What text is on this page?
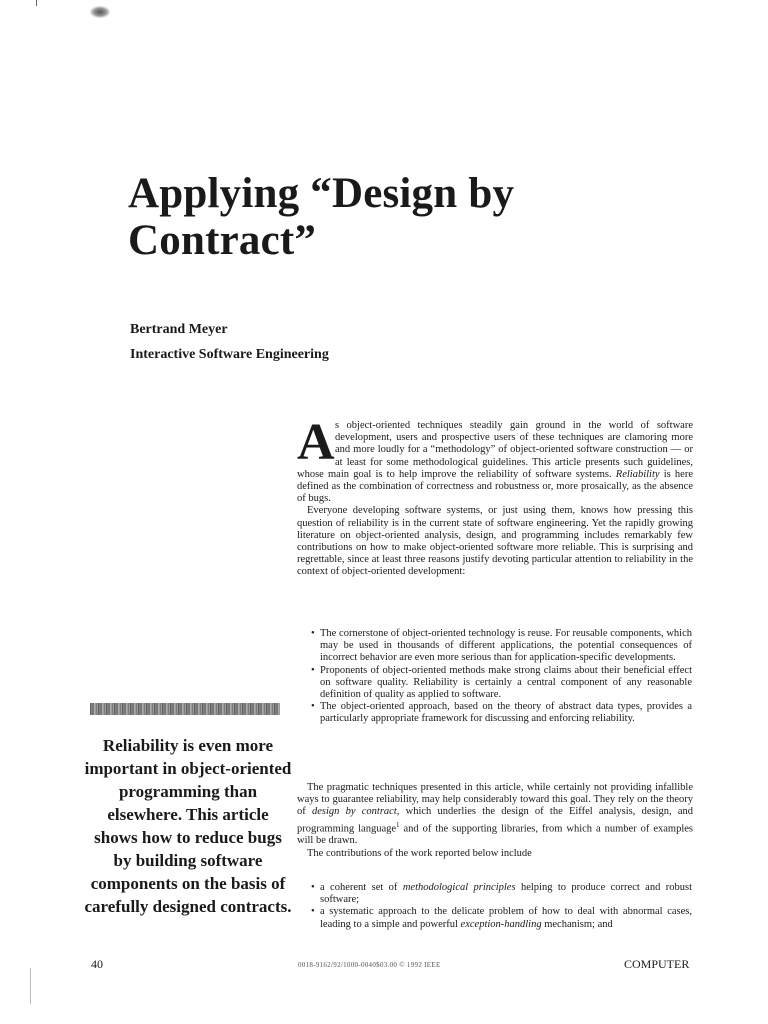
Applying “Design by Contract”

Bertrand Meyer

Interactive Software Engineering

As object-oriented techniques steadily gain ground in the world of software development, users and prospective users of these techniques are clamoring more and more loudly for a “methodology” of object-oriented software construction — or at least for some methodological guidelines. This article presents such guidelines, whose main goal is to help improve the reliability of software systems. Reliability is here defined as the combination of correctness and robustness or, more prosaically, as the absence of bugs.

Everyone developing software systems, or just using them, knows how pressing this question of reliability is in the current state of software engineering. Yet the rapidly growing literature on object-oriented analysis, design, and programming includes remarkably few contributions on how to make object-oriented software more reliable. This is surprising and regrettable, since at least three reasons justify devoting particular attention to reliability in the context of object-oriented development:

• The cornerstone of object-oriented technology is reuse. For reusable components, which may be used in thousands of different applications, the potential consequences of incorrect behavior are even more serious than for application-specific developments.
• Proponents of object-oriented methods make strong claims about their beneficial effect on software quality. Reliability is certainly a central component of any reasonable definition of quality as applied to software.
• The object-oriented approach, based on the theory of abstract data types, provides a particularly appropriate framework for discussing and enforcing reliability.

Reliability is even more important in object-oriented programming than elsewhere. This article shows how to reduce bugs by building software components on the basis of carefully designed contracts.

The pragmatic techniques presented in this article, while certainly not providing infallible ways to guarantee reliability, may help considerably toward this goal. They rely on the theory of design by contract, which underlies the design of the Eiffel analysis, design, and programming language$^1$ and of the supporting libraries, from which a number of examples will be drawn.

The contributions of the work reported below include

• a coherent set of methodological principles helping to produce correct and robust software;
• a systematic approach to the delicate problem of how to deal with abnormal cases, leading to a simple and powerful exception-handling mechanism; and
40	0018-9162/92/1000-0040$03.00 © 1992 IEEE	COMPUTER
